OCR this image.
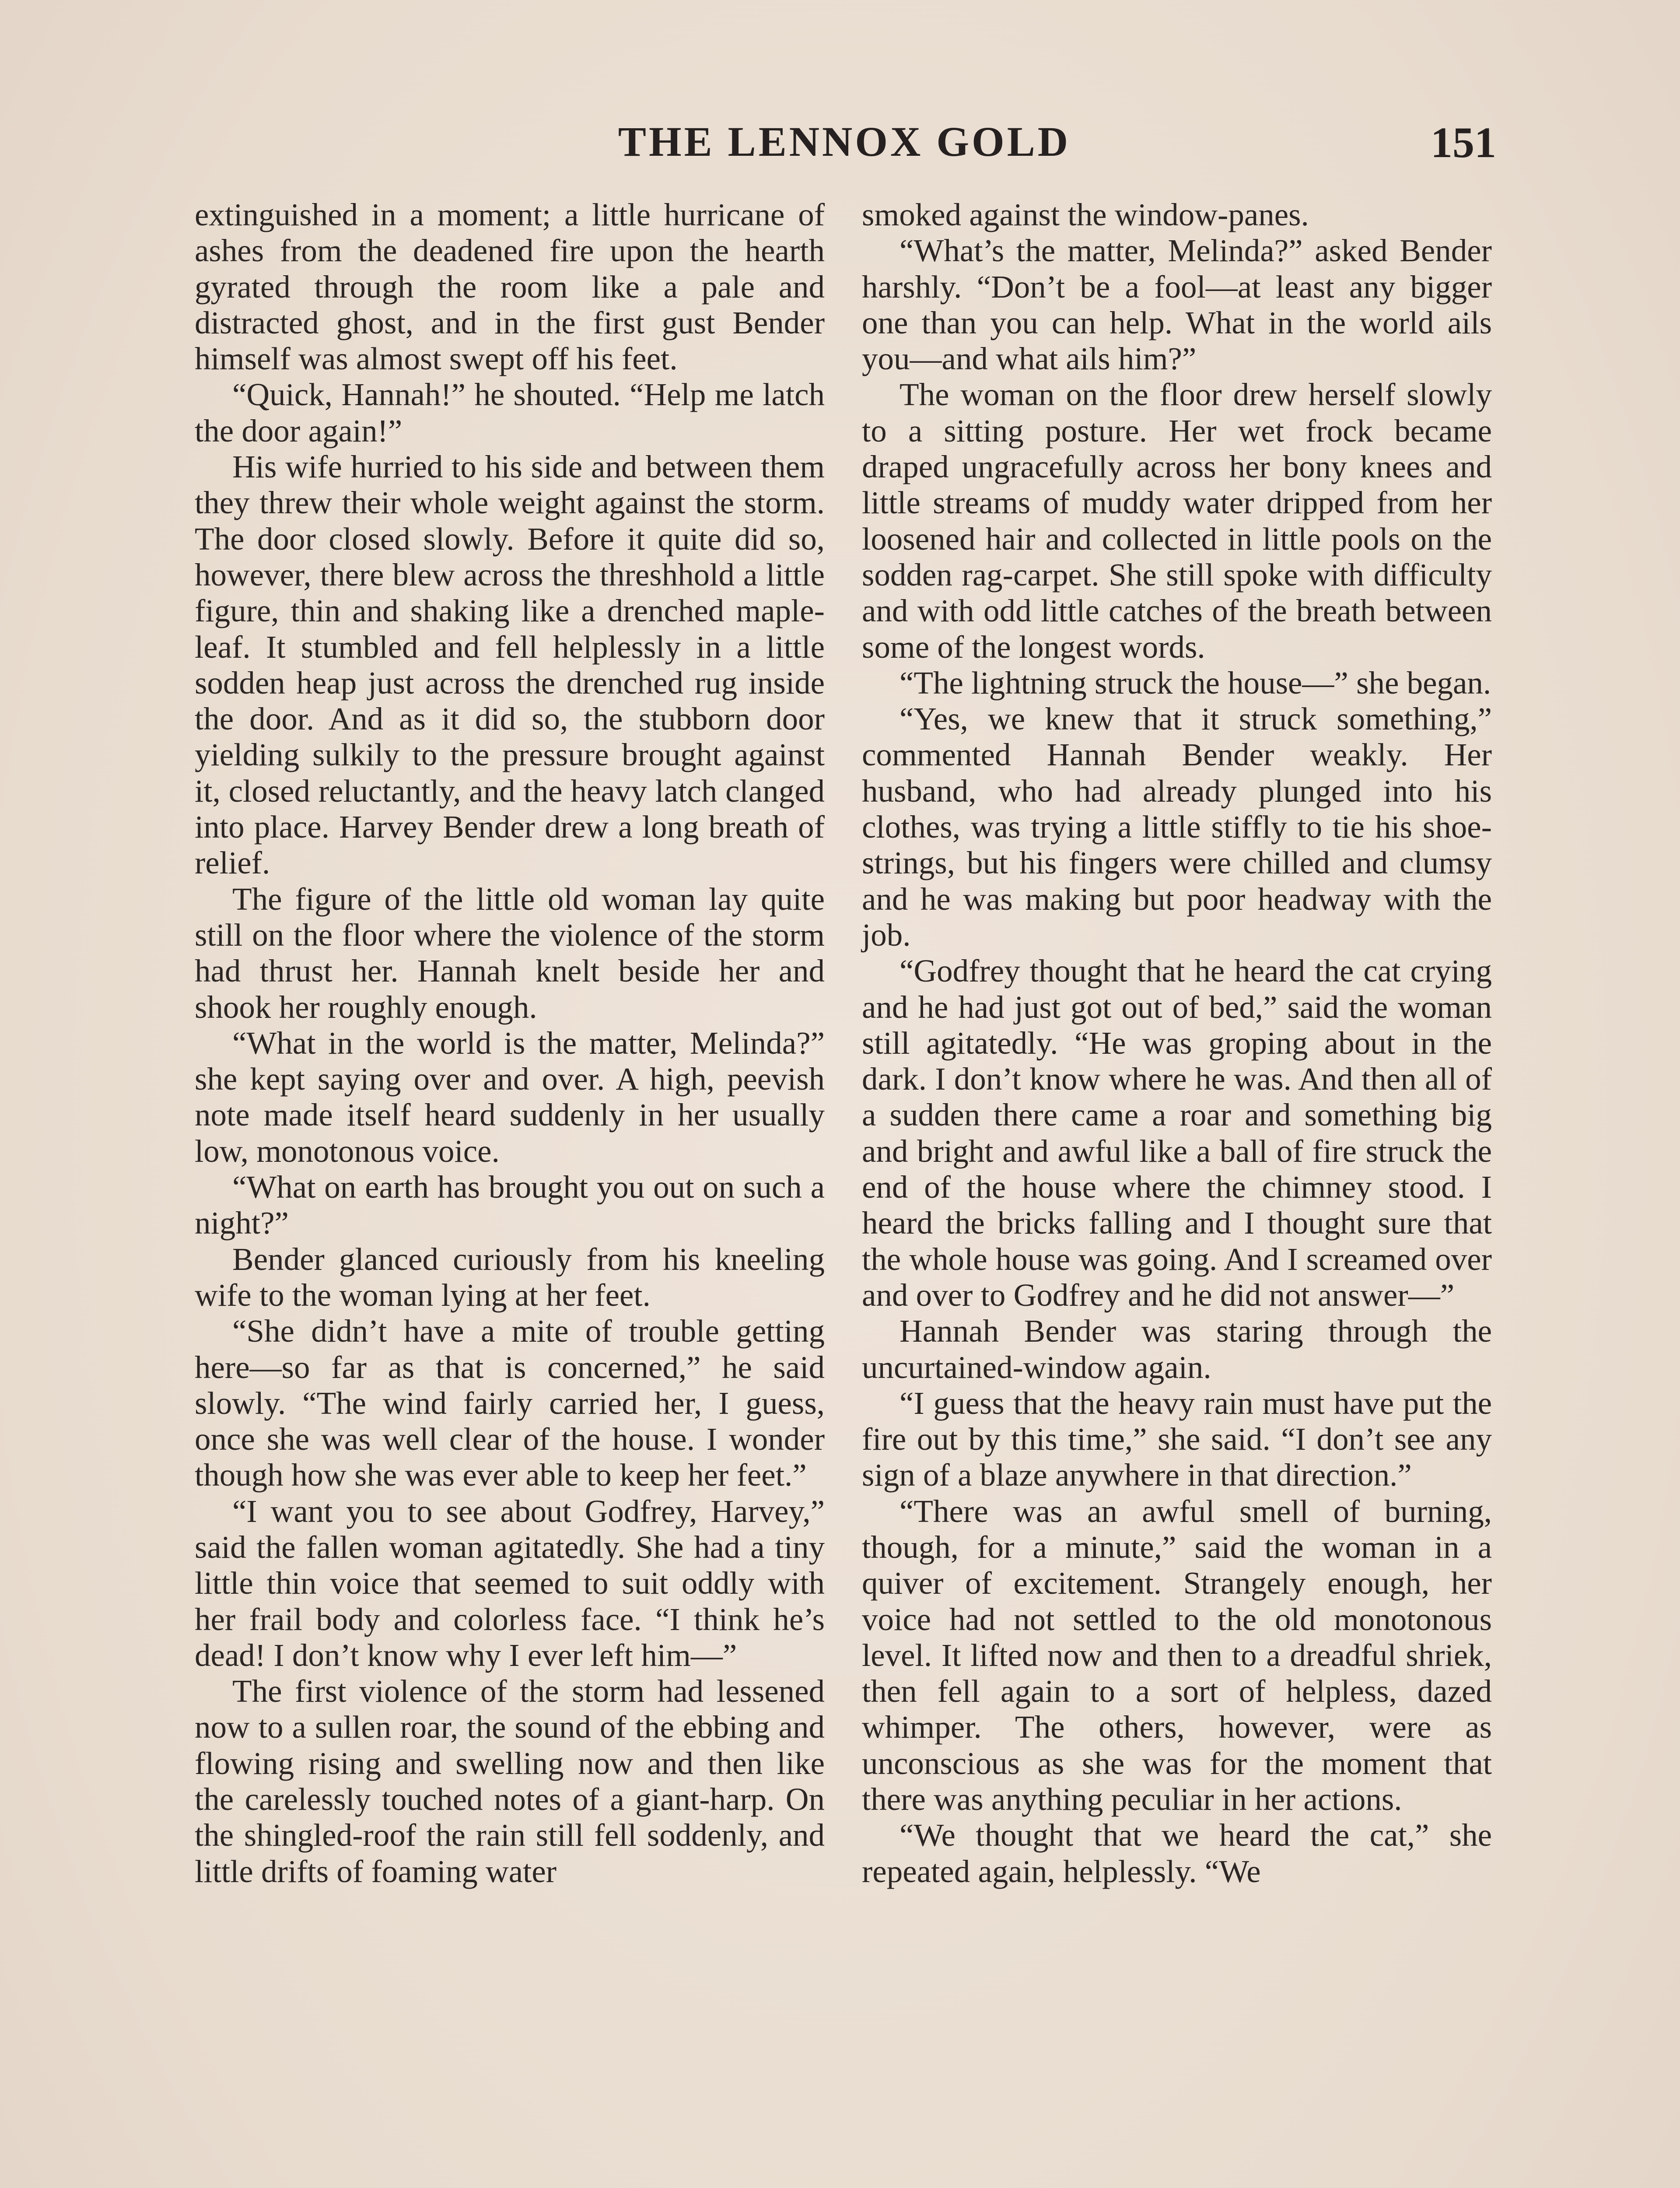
THE LENNOX GOLD	151

extinguished in a moment; a little hurricane of ashes from the deadened fire upon the hearth gyrated through the room like a pale and distracted ghost, and in the first gust Bender himself was almost swept off his feet.

“Quick, Hannah!” he shouted. “Help me latch the door again!”

His wife hurried to his side and between them they threw their whole weight against the storm. The door closed slowly. Before it quite did so, however, there blew across the threshhold a little figure, thin and shaking like a drenched maple-leaf. It stumbled and fell helplessly in a little sodden heap just across the drenched rug inside the door. And as it did so, the stubborn door yielding sulkily to the pressure brought against it, closed reluctantly, and the heavy latch clanged into place. Harvey Bender drew a long breath of relief.

The figure of the little old woman lay quite still on the floor where the violence of the storm had thrust her. Hannah knelt beside her and shook her roughly enough.

“What in the world is the matter, Melinda?” she kept saying over and over. A high, peevish note made itself heard suddenly in her usually low, monotonous voice.

“What on earth has brought you out on such a night?”

Bender glanced curiously from his kneeling wife to the woman lying at her feet.

“She didn’t have a mite of trouble getting here—so far as that is concerned,” he said slowly. “The wind fairly carried her, I guess, once she was well clear of the house. I wonder though how she was ever able to keep her feet.”

“I want you to see about Godfrey, Harvey,” said the fallen woman agitatedly. She had a tiny little thin voice that seemed to suit oddly with her frail body and colorless face. “I think he’s dead! I don’t know why I ever left him—”

The first violence of the storm had lessened now to a sullen roar, the sound of the ebbing and flowing rising and swelling now and then like the carelessly touched notes of a giant-harp. On the shingled-roof the rain still fell soddenly, and little drifts of foaming water

smoked against the window-panes.

“What’s the matter, Melinda?” asked Bender harshly. “Don’t be a fool—at least any bigger one than you can help. What in the world ails you—and what ails him?”

The woman on the floor drew herself slowly to a sitting posture. Her wet frock became draped ungracefully across her bony knees and little streams of muddy water dripped from her loosened hair and collected in little pools on the sodden rag-carpet. She still spoke with difficulty and with odd little catches of the breath between some of the longest words.

“The lightning struck the house—” she began.

“Yes, we knew that it struck something,” commented Hannah Bender weakly. Her husband, who had already plunged into his clothes, was trying a little stiffly to tie his shoe-strings, but his fingers were chilled and clumsy and he was making but poor headway with the job.

“Godfrey thought that he heard the cat crying and he had just got out of bed,” said the woman still agitatedly. “He was groping about in the dark. I don’t know where he was. And then all of a sudden there came a roar and something big and bright and awful like a ball of fire struck the end of the house where the chimney stood. I heard the bricks falling and I thought sure that the whole house was going. And I screamed over and over to Godfrey and he did not answer—”

Hannah Bender was staring through the uncurtained-window again.

“I guess that the heavy rain must have put the fire out by this time,” she said. “I don’t see any sign of a blaze anywhere in that direction.”

“There was an awful smell of burning, though, for a minute,” said the woman in a quiver of excitement. Strangely enough, her voice had not settled to the old monotonous level. It lifted now and then to a dreadful shriek, then fell again to a sort of helpless, dazed whimper. The others, however, were as unconscious as she was for the moment that there was anything peculiar in her actions.

“We thought that we heard the cat,” she repeated again, helplessly. “We
